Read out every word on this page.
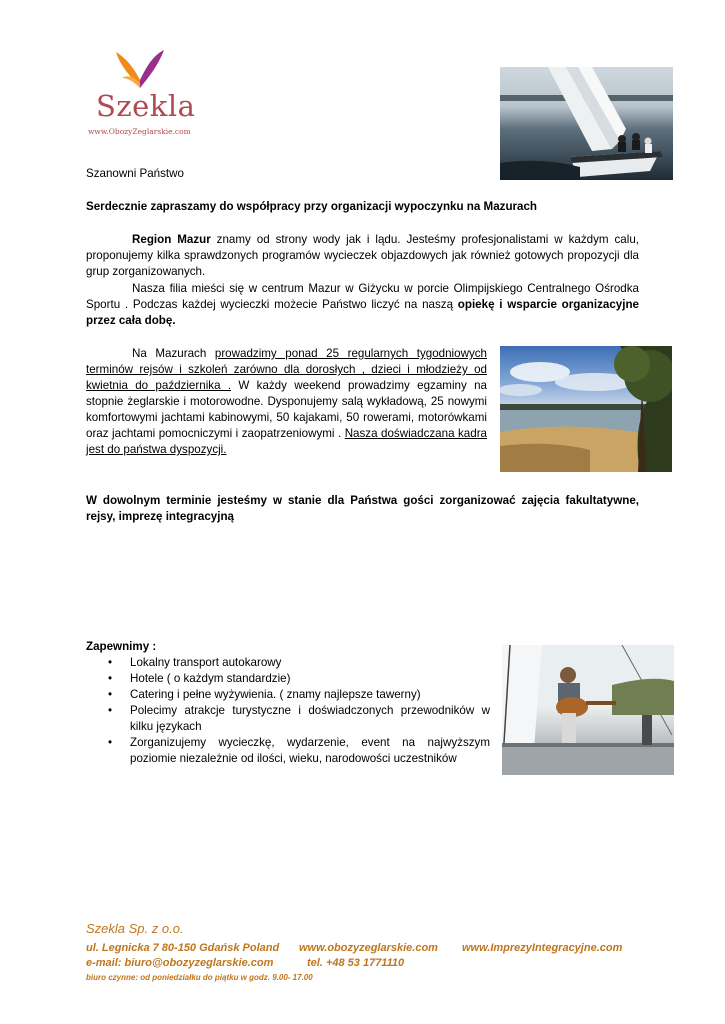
Szekla
www.ObozyZeglarskie.com

Szanowni Państwo

Serdecznie zapraszamy do współpracy przy organizacji wypoczynku na Mazurach

Region Mazur znamy od strony wody jak i lądu. Jesteśmy profesjonalistami w każdym calu, proponujemy kilka sprawdzonych programów wycieczek objazdowych jak również gotowych propozycji dla grup zorganizowanych.

Nasza filia mieści się w centrum Mazur w Giżycku w porcie Olimpijskiego Centralnego Ośrodka Sportu . Podczas każdej wycieczki możecie Państwo liczyć na naszą opiekę i wsparcie organizacyjne przez cała dobę.

Na Mazurach prowadzimy ponad 25 regularnych tygodniowych terminów rejsów i szkoleń zarówno dla dorosłych , dzieci i młodzieży od kwietnia do października . W każdy weekend prowadzimy egzaminy na stopnie żeglarskie i motorowodne. Dysponujemy salą wykładową, 25 nowymi komfortowymi jachtami kabinowymi, 50 kajakami, 50 rowerami, motorówkami oraz jachtami pomocniczymi i zaopatrzeniowymi . Nasza doświadczana kadra jest do państwa dyspozycji.

W dowolnym terminie jesteśmy w stanie dla Państwa gości zorganizować zajęcia fakultatywne, rejsy, imprezę integracyjną

Zapewnimy :

• Lokalny transport autokarowy
• Hotele ( o każdym standardzie)
• Catering i pełne wyżywienia. ( znamy najlepsze tawerny)
• Polecimy atrakcje turystyczne i doświadczonych przewodników w kilku językach
• Zorganizujemy wycieczkę, wydarzenie, event na najwyższym poziomie niezależnie od ilości, wieku, narodowości uczestników
Szekla Sp. z o.o.
ul. Legnicka 7 80-150 Gdańsk Poland www.obozyzeglarskie.com www.ImprezyIntegracyjne.com
e-mail: biuro@obozyzeglarskie.com	tel. +48 53 1771110
biuro czynne: od poniedziałku do piątku w godz. 9.00- 17.00
